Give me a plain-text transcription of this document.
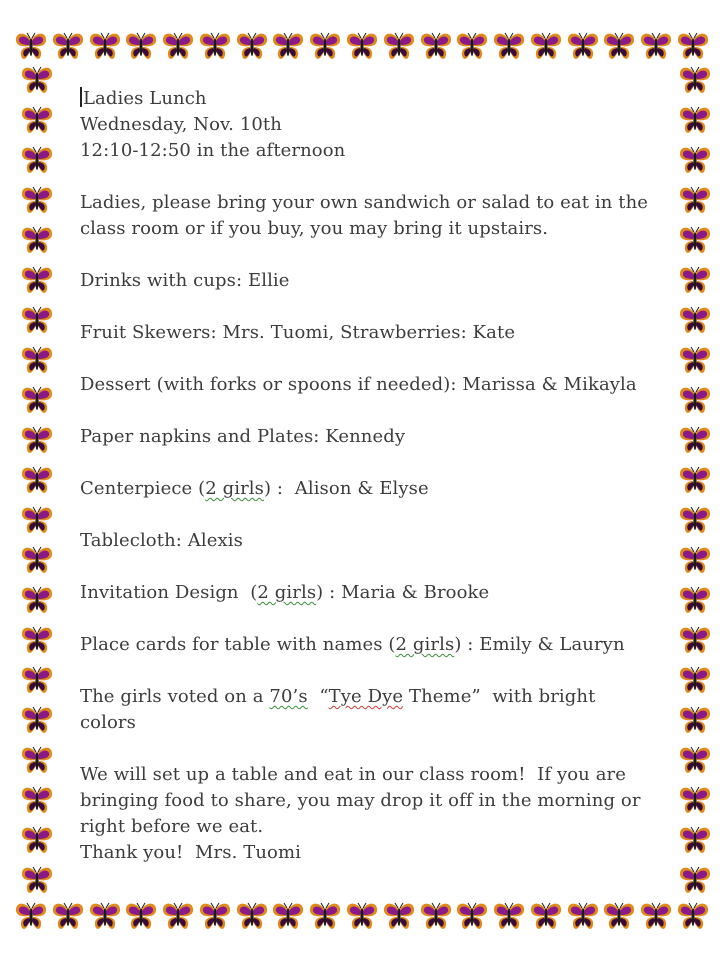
Ladies Lunch

Wednesday, Nov. 10th

12:10-12:50 in the afternoon

Ladies, please bring your own sandwich or salad to eat in the class room or if you buy, you may bring it upstairs.

Drinks with cups: Ellie

Fruit Skewers: Mrs. Tuomi, Strawberries: Kate

Dessert (with forks or spoons if needed): Marissa & Mikayla

Paper napkins and Plates: Kennedy

Centerpiece (2 girls) :  Alison & Elyse

Tablecloth: Alexis

Invitation Design  (2 girls) : Maria & Brooke

Place cards for table with names (2 girls) : Emily & Lauryn

The girls voted on a 70’s  “Tye Dye Theme”  with bright colors

We will set up a table and eat in our class room!  If you are bringing food to share, you may drop it off in the morning or right before we eat.

Thank you!  Mrs. Tuomi
